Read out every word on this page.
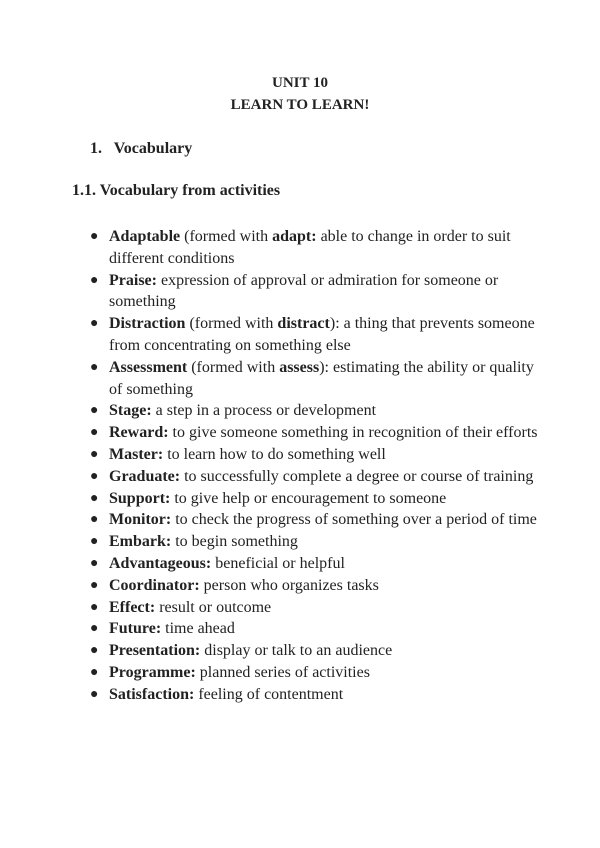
UNIT 10
LEARN TO LEARN!
1. Vocabulary
1.1. Vocabulary from activities
● Adaptable (formed with adapt: able to change in order to suit different conditions
● Praise: expression of approval or admiration for someone or something
● Distraction (formed with distract): a thing that prevents someone from concentrating on something else
● Assessment (formed with assess): estimating the ability or quality of something
● Stage: a step in a process or development
● Reward: to give someone something in recognition of their efforts
● Master: to learn how to do something well
● Graduate: to successfully complete a degree or course of training
● Support: to give help or encouragement to someone
● Monitor: to check the progress of something over a period of time
● Embark: to begin something
● Advantageous: beneficial or helpful
● Coordinator: person who organizes tasks
● Effect: result or outcome
● Future: time ahead
● Presentation: display or talk to an audience
● Programme: planned series of activities
● Satisfaction: feeling of contentment
